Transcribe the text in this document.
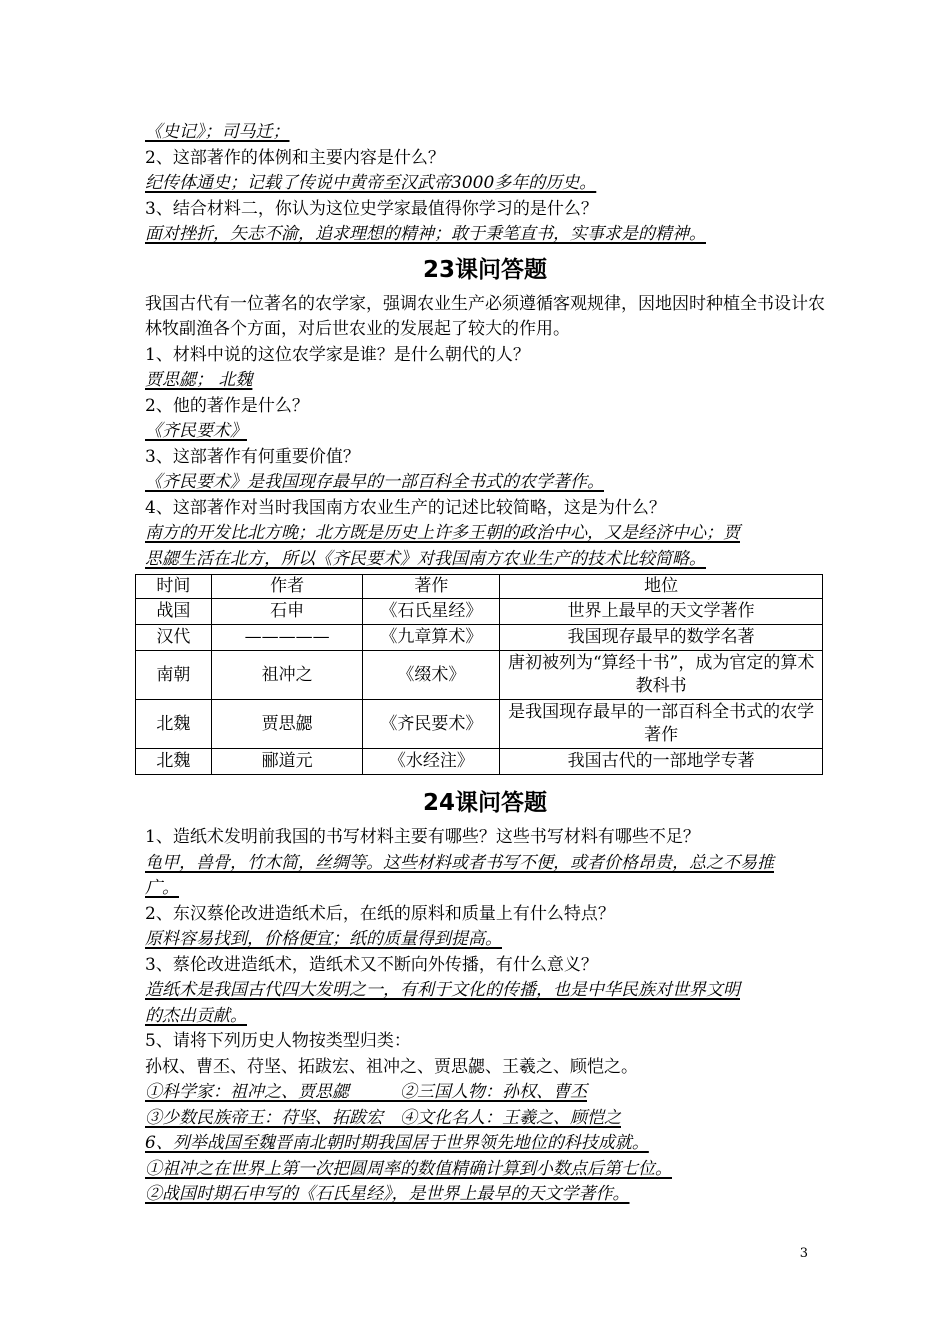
《史记》；司马迁；
2、这部著作的体例和主要内容是什么？
纪传体通史；记载了传说中黄帝至汉武帝3000多年的历史。
3、结合材料二，你认为这位史学家最值得你学习的是什么？
面对挫折，矢志不渝，追求理想的精神；敢于秉笔直书，实事求是的精神。
23课问答题
我国古代有一位著名的农学家，强调农业生产必须遵循客观规律，因地因时种植全书设计农林牧副渔各个方面，对后世农业的发展起了较大的作用。
1、材料中说的这位农学家是谁？是什么朝代的人？
贾思勰； 北魏
2、他的著作是什么？
《齐民要术》
3、这部著作有何重要价值？
《齐民要术》是我国现存最早的一部百科全书式的农学著作。
4、这部著作对当时我国南方农业生产的记述比较简略，这是为什么？
南方的开发比北方晚；北方既是历史上许多王朝的政治中心，又是经济中心；贾
思勰生活在北方，所以《齐民要术》对我国南方农业生产的技术比较简略。
时间	作者	著作	地位
战国	石申	《石氏星经》	世界上最早的天文学著作
汉代	—————	《九章算术》	我国现存最早的数学名著
南朝	祖冲之	《缀术》	唐初被列为“算经十书”，成为官定的算术教科书
北魏	贾思勰	《齐民要术》	是我国现存最早的一部百科全书式的农学著作
北魏	郦道元	《水经注》	我国古代的一部地学专著
24课问答题
1、造纸术发明前我国的书写材料主要有哪些？这些书写材料有哪些不足？
龟甲，兽骨，竹木简，丝绸等。这些材料或者书写不便，或者价格昂贵，总之不易推
广。
2、东汉蔡伦改进造纸术后，在纸的原料和质量上有什么特点？
原料容易找到，价格便宜；纸的质量得到提高。
3、蔡伦改进造纸术，造纸术又不断向外传播，有什么意义？
造纸术是我国古代四大发明之一，有利于文化的传播，也是中华民族对世界文明
的杰出贡献。
5、请将下列历史人物按类型归类：
孙权、曹丕、苻坚、拓跋宏、祖冲之、贾思勰、王羲之、顾恺之。
①科学家：祖冲之、贾思勰　　　②三国人物：孙权、曹丕
③少数民族帝王：苻坚、拓跋宏　④文化名人：王羲之、顾恺之
6、列举战国至魏晋南北朝时期我国居于世界领先地位的科技成就。
①祖冲之在世界上第一次把圆周率的数值精确计算到小数点后第七位。
②战国时期石申写的《石氏星经》，是世界上最早的天文学著作。
3
